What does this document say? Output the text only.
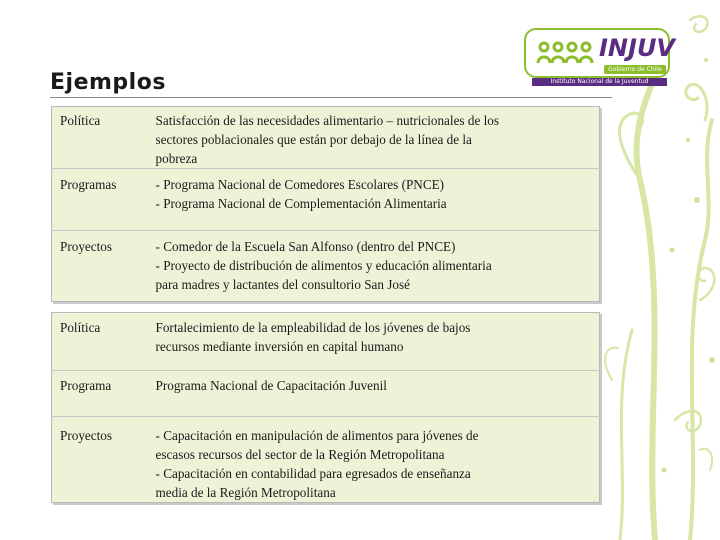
Ejemplos
INJUV
Gobierno de Chile
Instituto Nacional de la Juventud
Política	Satisfacción de las necesidades alimentario – nutricionales de los
sectores poblacionales que están por debajo de la línea de la
pobreza

Programas	- Programa Nacional de Comedores Escolares (PNCE)
- Programa Nacional de Complementación Alimentaria

Proyectos	- Comedor de la Escuela San Alfonso (dentro del PNCE)
- Proyecto de distribución de alimentos y educación alimentaria
para madres y lactantes del consultorio San José
Política	Fortalecimiento de la empleabilidad de los jóvenes de bajos
recursos mediante inversión en capital humano

Programa	Programa Nacional de Capacitación Juvenil

Proyectos	- Capacitación en manipulación de alimentos para jóvenes de
escasos recursos del sector de la Región Metropolitana
- Capacitación en contabilidad para egresados de enseñanza
media de la Región Metropolitana
